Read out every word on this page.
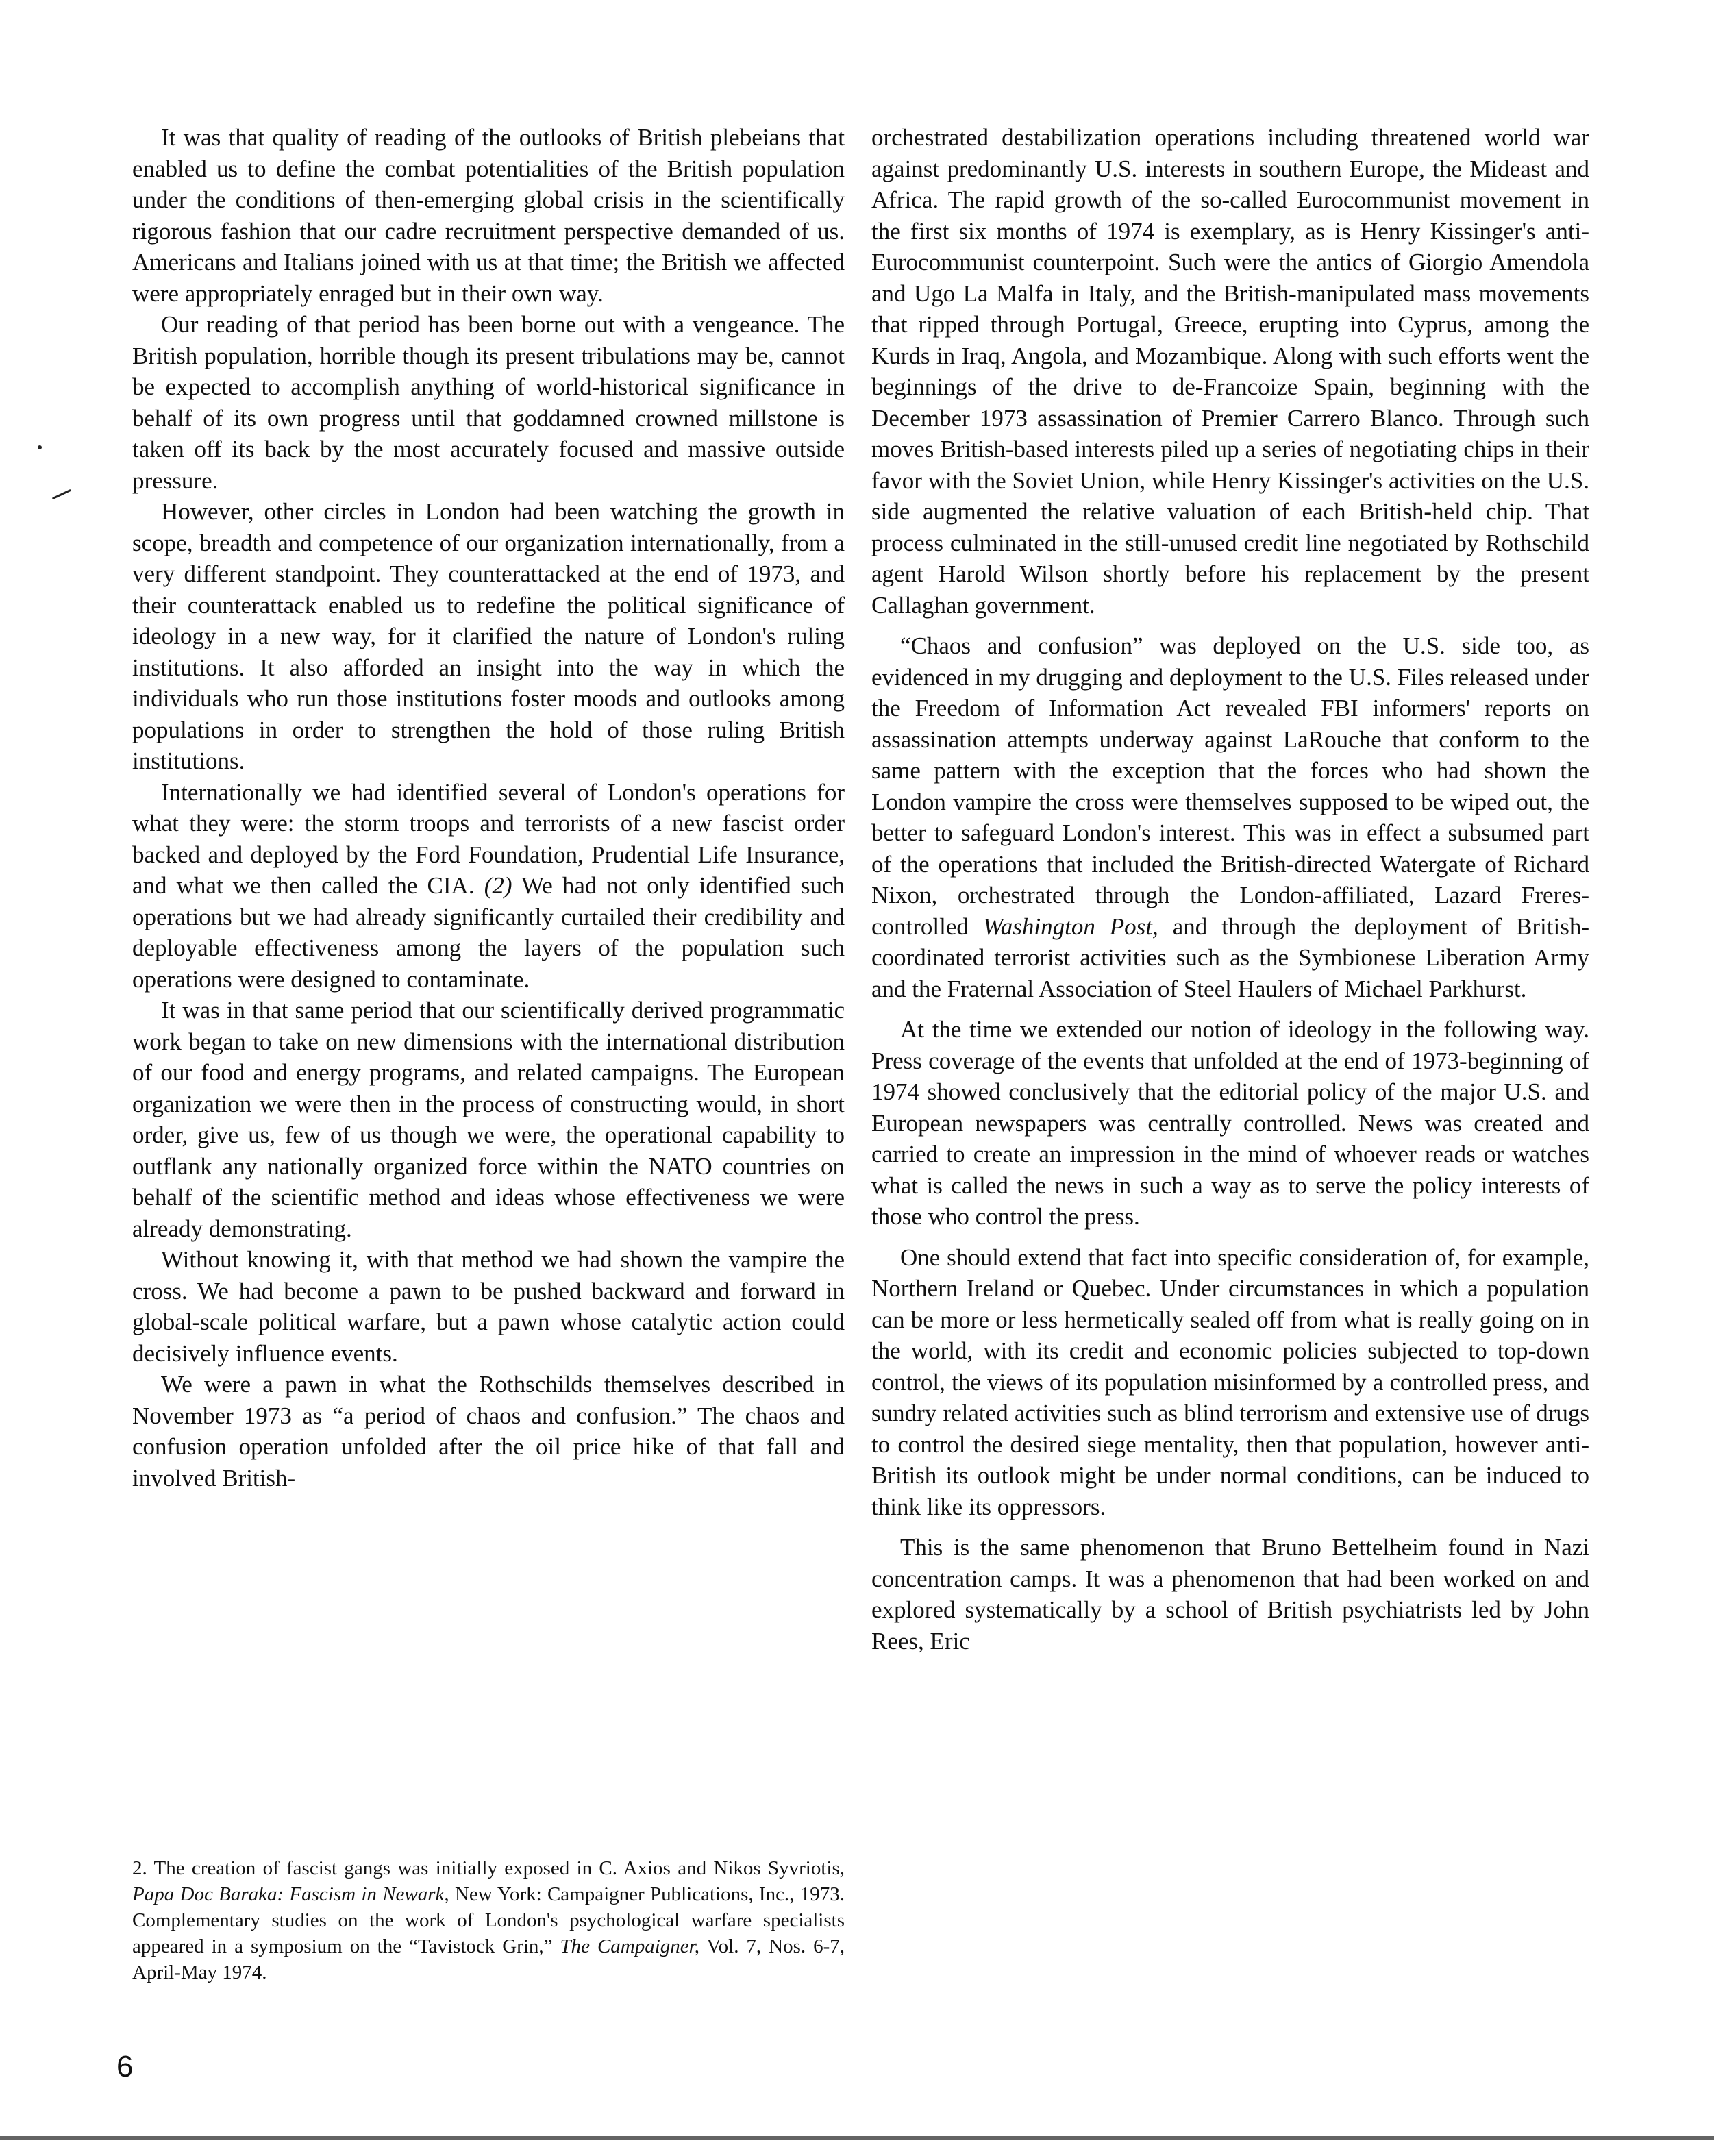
It was that quality of reading of the outlooks of British plebeians that enabled us to define the combat potentialities of the British population under the conditions of then-emerging global crisis in the scientifically rigorous fashion that our cadre recruitment perspective demanded of us. Americans and Italians joined with us at that time; the British we affected were appropriately enraged but in their own way.

Our reading of that period has been borne out with a vengeance. The British population, horrible though its present tribulations may be, cannot be expected to accomplish anything of world-historical significance in behalf of its own progress until that goddamned crowned millstone is taken off its back by the most accurately focused and massive outside pressure.

However, other circles in London had been watching the growth in scope, breadth and competence of our organization internationally, from a very different standpoint. They counterattacked at the end of 1973, and their counterattack enabled us to redefine the political significance of ideology in a new way, for it clarified the nature of London's ruling institutions. It also afforded an insight into the way in which the individuals who run those institutions foster moods and outlooks among populations in order to strengthen the hold of those ruling British institutions.

Internationally we had identified several of London's operations for what they were: the storm troops and terrorists of a new fascist order backed and deployed by the Ford Foundation, Prudential Life Insurance, and what we then called the CIA. (2) We had not only identified such operations but we had already significantly curtailed their credibility and deployable effectiveness among the layers of the population such operations were designed to contaminate.

It was in that same period that our scientifically derived programmatic work began to take on new dimensions with the international distribution of our food and energy programs, and related campaigns. The European organization we were then in the process of constructing would, in short order, give us, few of us though we were, the operational capability to outflank any nationally organized force within the NATO countries on behalf of the scientific method and ideas whose effectiveness we were already demonstrating.

Without knowing it, with that method we had shown the vampire the cross. We had become a pawn to be pushed backward and forward in global-scale political warfare, but a pawn whose catalytic action could decisively influence events.

We were a pawn in what the Rothschilds themselves described in November 1973 as “a period of chaos and confusion.” The chaos and confusion operation unfolded after the oil price hike of that fall and involved British-

2. The creation of fascist gangs was initially exposed in C. Axios and Nikos Syvriotis, Papa Doc Baraka: Fascism in Newark, New York: Campaigner Publications, Inc., 1973. Complementary studies on the work of London's psychological warfare specialists appeared in a symposium on the “Tavistock Grin,” The Campaigner, Vol. 7, Nos. 6-7, April-May 1974.

orchestrated destabilization operations including threatened world war against predominantly U.S. interests in southern Europe, the Mideast and Africa. The rapid growth of the so-called Eurocommunist movement in the first six months of 1974 is exemplary, as is Henry Kissinger's anti-Eurocommunist counterpoint. Such were the antics of Giorgio Amendola and Ugo La Malfa in Italy, and the British-manipulated mass movements that ripped through Portugal, Greece, erupting into Cyprus, among the Kurds in Iraq, Angola, and Mozambique. Along with such efforts went the beginnings of the drive to de-Francoize Spain, beginning with the December 1973 assassination of Premier Carrero Blanco. Through such moves British-based interests piled up a series of negotiating chips in their favor with the Soviet Union, while Henry Kissinger's activities on the U.S. side augmented the relative valuation of each British-held chip. That process culminated in the still-unused credit line negotiated by Rothschild agent Harold Wilson shortly before his replacement by the present Callaghan government.

“Chaos and confusion” was deployed on the U.S. side too, as evidenced in my drugging and deployment to the U.S. Files released under the Freedom of Information Act revealed FBI informers' reports on assassination attempts underway against LaRouche that conform to the same pattern with the exception that the forces who had shown the London vampire the cross were themselves supposed to be wiped out, the better to safeguard London's interest. This was in effect a subsumed part of the operations that included the British-directed Watergate of Richard Nixon, orchestrated through the London-affiliated, Lazard Freres-controlled Washington Post, and through the deployment of British-coordinated terrorist activities such as the Symbionese Liberation Army and the Fraternal Association of Steel Haulers of Michael Parkhurst.

At the time we extended our notion of ideology in the following way. Press coverage of the events that unfolded at the end of 1973-beginning of 1974 showed conclusively that the editorial policy of the major U.S. and European newspapers was centrally controlled. News was created and carried to create an impression in the mind of whoever reads or watches what is called the news in such a way as to serve the policy interests of those who control the press.

One should extend that fact into specific consideration of, for example, Northern Ireland or Quebec. Under circumstances in which a population can be more or less hermetically sealed off from what is really going on in the world, with its credit and economic policies subjected to top-down control, the views of its population misinformed by a controlled press, and sundry related activities such as blind terrorism and extensive use of drugs to control the desired siege mentality, then that population, however anti-British its outlook might be under normal conditions, can be induced to think like its oppressors.

This is the same phenomenon that Bruno Bettelheim found in Nazi concentration camps. It was a phenomenon that had been worked on and explored systematically by a school of British psychiatrists led by John Rees, Eric

6
